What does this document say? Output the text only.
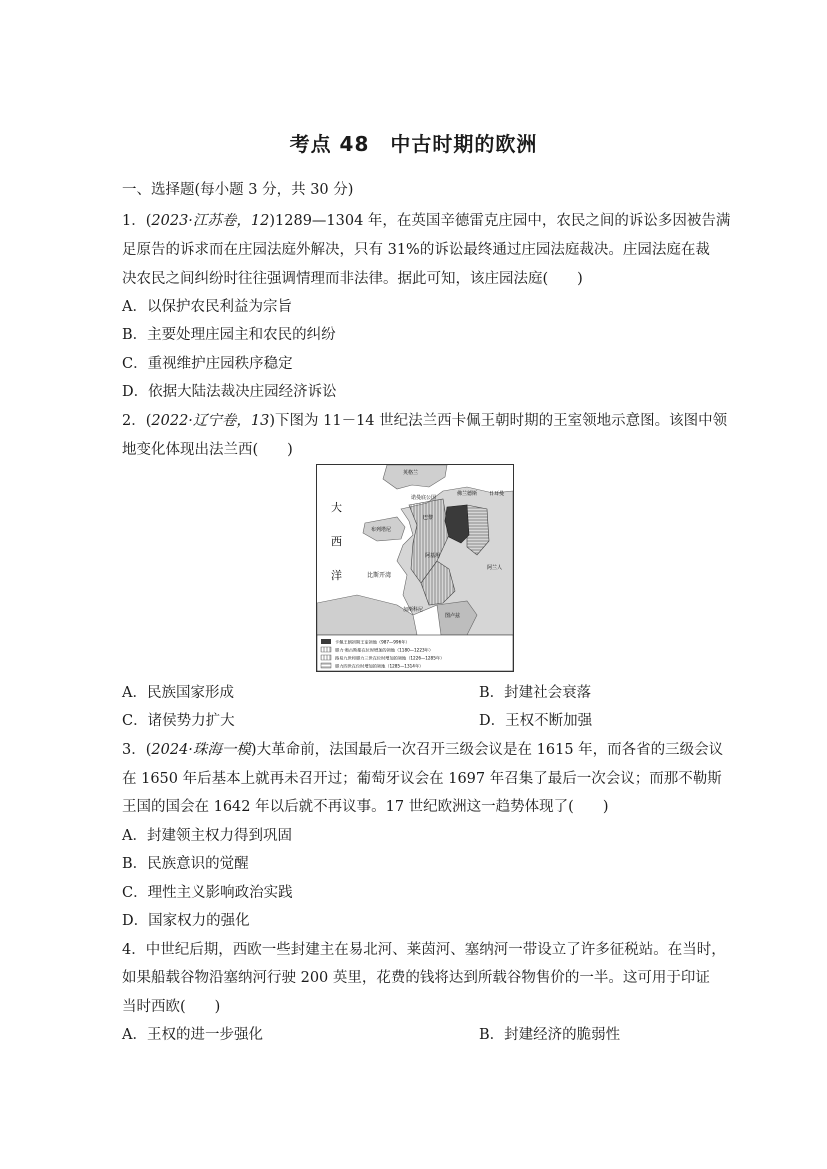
考点 48　中古时期的欧洲
一、选择题(每小题 3 分，共 30 分)
1．(2023·江苏卷，12)1289—1304 年，在英国辛德雷克庄园中，农民之间的诉讼多因被告满
足原告的诉求而在庄园法庭外解决，只有 31%的诉讼最终通过庄园法庭裁决。庄园法庭在裁
决农民之间纠纷时往往强调情理而非法律。据此可知，该庄园法庭(　　)
A．以保护农民利益为宗旨
B．主要处理庄园主和农民的纠纷
C．重视维护庄园秩序稳定
D．依据大陆法裁决庄园经济诉讼
2．(2022·辽宁卷，13)下图为 11－14 世纪法兰西卡佩王朝时期的王室领地示意图。该图中领
地变化体现出法兰西(　　)
英格兰
诺曼底公国
佛兰德斯 日耳曼
布列塔尼
巴黎
阿基坦
比斯开湾
加斯科尼
图卢兹
阿兰人
大
西
洋
卡佩王朝初期王室领地（987—996年）
腓力·奥古斯都在位时增加的领地（1180—1223年）
路易九世和腓力三世在位时增加的领地（1226—1285年）
腓力四世在位时增加的领地（1285—1314年）
A．民族国家形成	B．封建社会衰落
C．诸侯势力扩大	D．王权不断加强
3．(2024·珠海一模)大革命前，法国最后一次召开三级会议是在 1615 年，而各省的三级会议
在 1650 年后基本上就再未召开过；葡萄牙议会在 1697 年召集了最后一次会议；而那不勒斯
王国的国会在 1642 年以后就不再议事。17 世纪欧洲这一趋势体现了(　　)
A．封建领主权力得到巩固
B．民族意识的觉醒
C．理性主义影响政治实践
D．国家权力的强化
4．中世纪后期，西欧一些封建主在易北河、莱茵河、塞纳河一带设立了许多征税站。在当时，
如果船载谷物沿塞纳河行驶 200 英里，花费的钱将达到所载谷物售价的一半。这可用于印证
当时西欧(　　)
A．王权的进一步强化	B．封建经济的脆弱性
